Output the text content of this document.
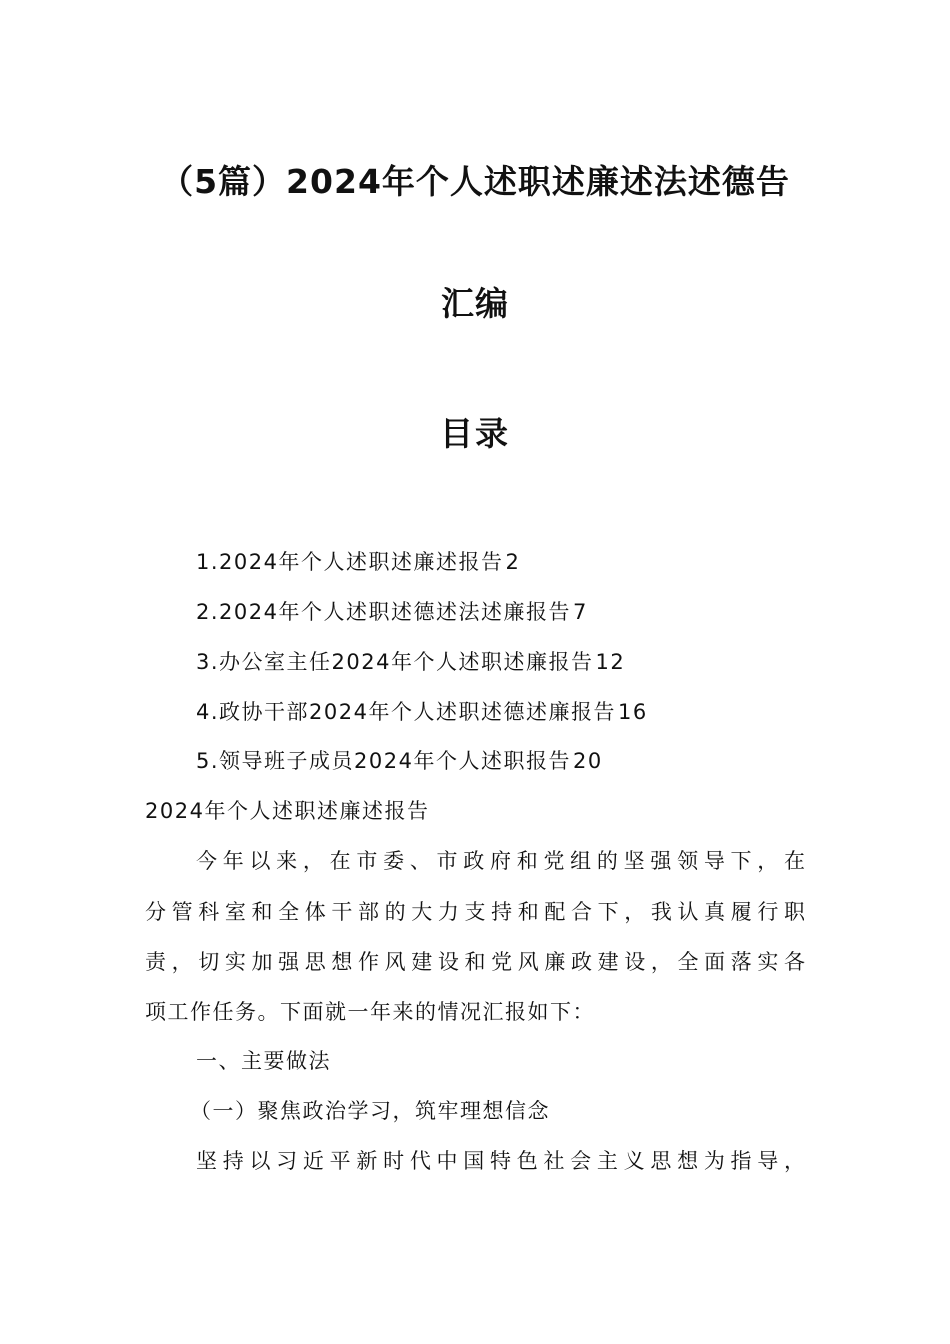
（5篇）2024年个人述职述廉述法述德告
汇编
目录
1.2024年个人述职述廉述报告2
2.2024年个人述职述德述法述廉报告7
3.办公室主任2024年个人述职述廉报告12
4.政协干部2024年个人述职述德述廉报告16
5.领导班子成员2024年个人述职报告20
2024年个人述职述廉述报告
今年以来，在市委、市政府和党组的坚强领导下，在
分管科室和全体干部的大力支持和配合下，我认真履行职
责，切实加强思想作风建设和党风廉政建设，全面落实各
项工作任务。下面就一年来的情况汇报如下：
一、主要做法
（一）聚焦政治学习，筑牢理想信念
坚持以习近平新时代中国特色社会主义思想为指导，
